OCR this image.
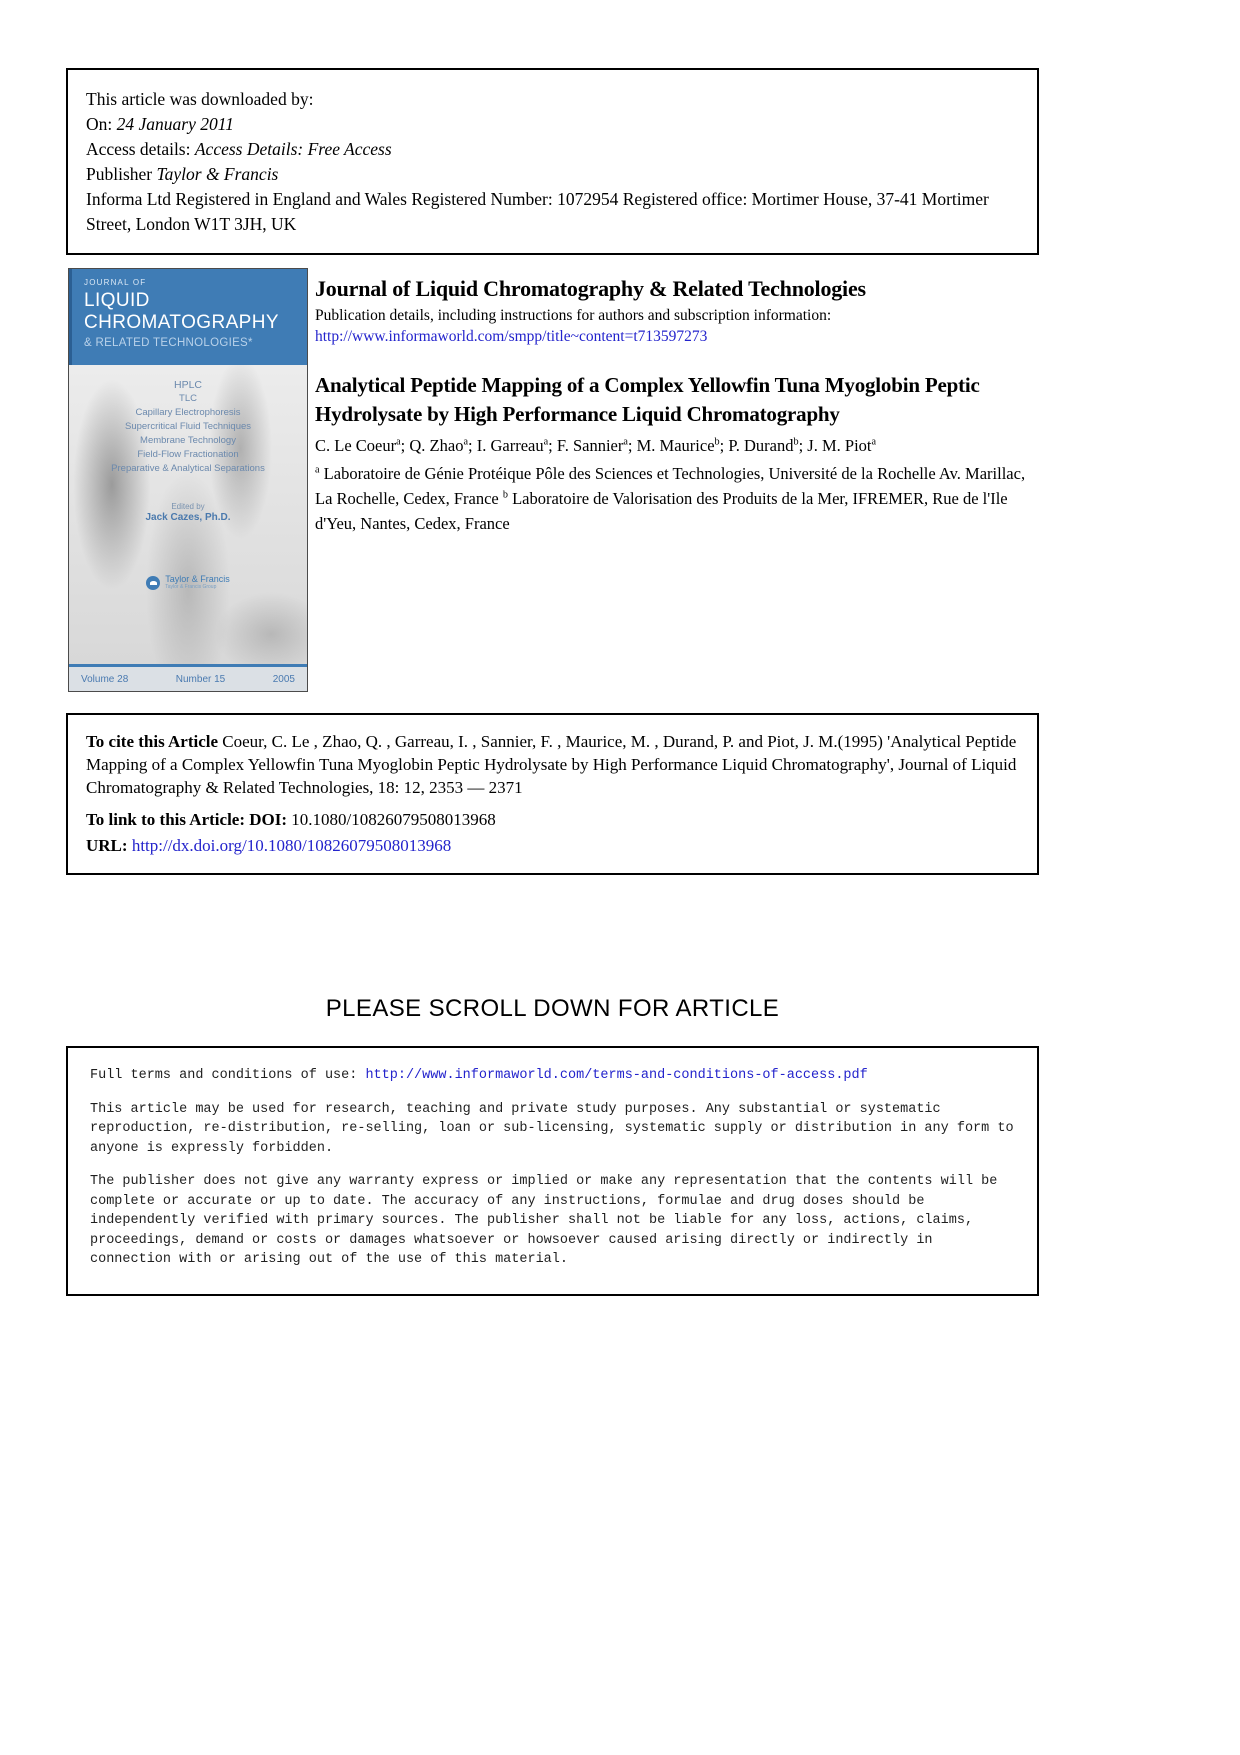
This article was downloaded by:
On: 24 January 2011
Access details: Access Details: Free Access
Publisher Taylor & Francis
Informa Ltd Registered in England and Wales Registered Number: 1072954 Registered office: Mortimer House, 37-41 Mortimer Street, London W1T 3JH, UK
JOURNAL OF
LIQUID
CHROMATOGRAPHY
& RELATED TECHNOLOGIES*
HPLC
TLC
Capillary Electrophoresis
Supercritical Fluid Techniques
Membrane Technology
Field-Flow Fractionation
Preparative & Analytical Separations
Edited by
Jack Cazes, Ph.D.
Taylor & Francis
Taylor & Francis Group
Volume 28	Number 15	2005
Journal of Liquid Chromatography & Related Technologies
Publication details, including instructions for authors and subscription information:
http://www.informaworld.com/smpp/title~content=t713597273
Analytical Peptide Mapping of a Complex Yellowfin Tuna Myoglobin Peptic Hydrolysate by High Performance Liquid Chromatography
C. Le Coeur$^a$; Q. Zhao$^a$; I. Garreau$^a$; F. Sannier$^a$; M. Maurice$^b$; P. Durand$^b$; J. M. Piot$^a$
$^a$ Laboratoire de Génie Protéique Pôle des Sciences et Technologies, Université de la Rochelle Av. Marillac, La Rochelle, Cedex, France $^b$ Laboratoire de Valorisation des Produits de la Mer, IFREMER, Rue de l'Ile d'Yeu, Nantes, Cedex, France
To cite this Article Coeur, C. Le , Zhao, Q. , Garreau, I. , Sannier, F. , Maurice, M. , Durand, P. and Piot, J. M.(1995) 'Analytical Peptide Mapping of a Complex Yellowfin Tuna Myoglobin Peptic Hydrolysate by High Performance Liquid Chromatography', Journal of Liquid Chromatography & Related Technologies, 18: 12, 2353 — 2371
To link to this Article: DOI: 10.1080/10826079508013968
URL: http://dx.doi.org/10.1080/10826079508013968
PLEASE SCROLL DOWN FOR ARTICLE

Full terms and conditions of use: http://www.informaworld.com/terms-and-conditions-of-access.pdf

This article may be used for research, teaching and private study purposes. Any substantial or systematic reproduction, re-distribution, re-selling, loan or sub-licensing, systematic supply or distribution in any form to anyone is expressly forbidden.

The publisher does not give any warranty express or implied or make any representation that the contents will be complete or accurate or up to date. The accuracy of any instructions, formulae and drug doses should be independently verified with primary sources. The publisher shall not be liable for any loss, actions, claims, proceedings, demand or costs or damages whatsoever or howsoever caused arising directly or indirectly in connection with or arising out of the use of this material.
